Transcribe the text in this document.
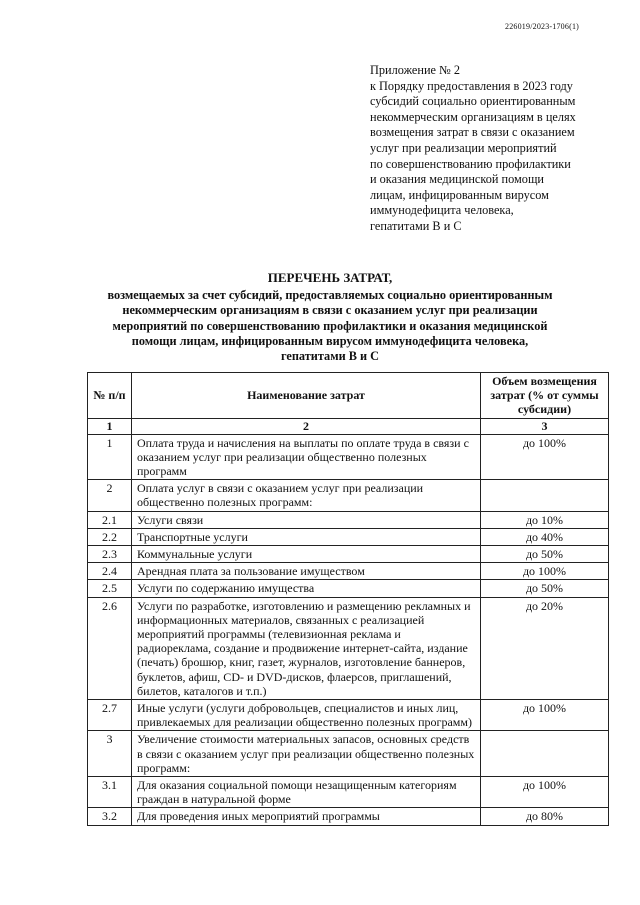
226019/2023-1706(1)
Приложение № 2
к Порядку предоставления в 2023 году
субсидий социально ориентированным
некоммерческим организациям в целях
возмещения затрат в связи с оказанием
услуг при реализации мероприятий
по совершенствованию профилактики
и оказания медицинской помощи
лицам, инфицированным вирусом
иммунодефицита человека,
гепатитами В и С
ПЕРЕЧЕНЬ ЗАТРАТ,
возмещаемых за счет субсидий, предоставляемых социально ориентированным
некоммерческим организациям в связи с оказанием услуг при реализации
мероприятий по совершенствованию профилактики и оказания медицинской
помощи лицам, инфицированным вирусом иммунодефицита человека,
гепатитами В и С
№ п/п	Наименование затрат	Объем возмещения затрат (% от суммы субсидии)
1	2	3
1	Оплата труда и начисления на выплаты по оплате труда в связи с оказанием услуг при реализации общественно полезных программ	до 100%
2	Оплата услуг в связи с оказанием услуг при реализации общественно полезных программ:	
2.1	Услуги связи	до 10%
2.2	Транспортные услуги	до 40%
2.3	Коммунальные услуги	до 50%
2.4	Арендная плата за пользование имуществом	до 100%
2.5	Услуги по содержанию имущества	до 50%
2.6	Услуги по разработке, изготовлению и размещению рекламных и информационных материалов, связанных с реализацией мероприятий программы (телевизионная реклама и радиореклама, создание и продвижение интернет-сайта, издание (печать) брошюр, книг, газет, журналов, изготовление баннеров, буклетов, афиш, CD- и DVD-дисков, флаерсов, приглашений, билетов, каталогов и т.п.)	до 20%
2.7	Иные услуги (услуги добровольцев, специалистов и иных лиц, привлекаемых для реализации общественно полезных программ)	до 100%
3	Увеличение стоимости материальных запасов, основных средств в связи с оказанием услуг при реализации общественно полезных программ:	
3.1	Для оказания социальной помощи незащищенным категориям граждан в натуральной форме	до 100%
3.2	Для проведения иных мероприятий программы	до 80%
